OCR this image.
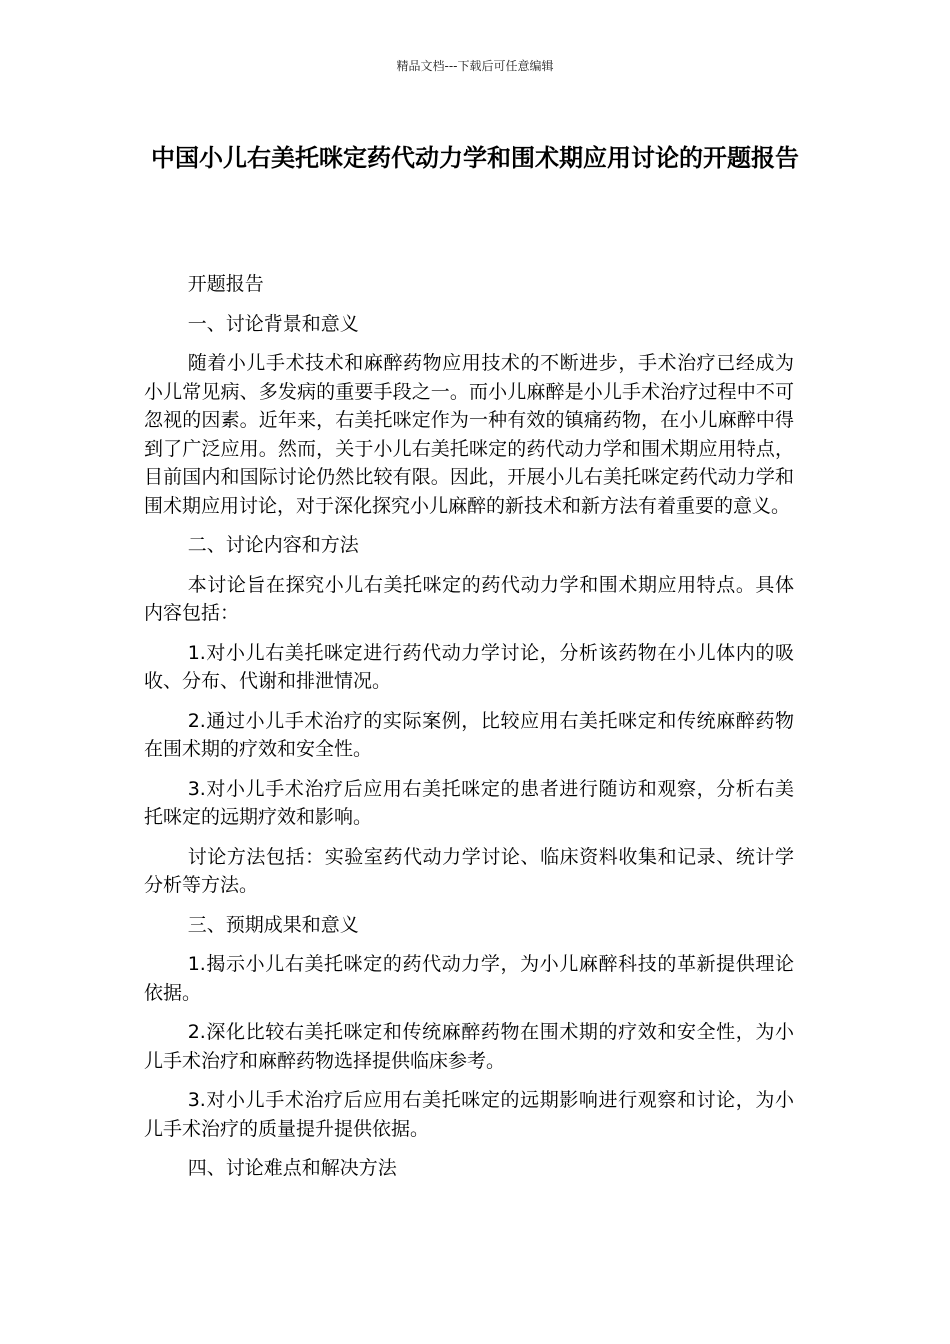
精品文档---下载后可任意编辑
中国小儿右美托咪定药代动力学和围术期应用讨论的开题报告

开题报告

一、讨论背景和意义

随着小儿手术技术和麻醉药物应用技术的不断进步，手术治疗已经成为小儿常见病、多发病的重要手段之一。而小儿麻醉是小儿手术治疗过程中不可忽视的因素。近年来，右美托咪定作为一种有效的镇痛药物，在小儿麻醉中得到了广泛应用。然而，关于小儿右美托咪定的药代动力学和围术期应用特点，目前国内和国际讨论仍然比较有限。因此，开展小儿右美托咪定药代动力学和围术期应用讨论，对于深化探究小儿麻醉的新技术和新方法有着重要的意义。

二、讨论内容和方法

本讨论旨在探究小儿右美托咪定的药代动力学和围术期应用特点。具体内容包括：

1.对小儿右美托咪定进行药代动力学讨论，分析该药物在小儿体内的吸收、分布、代谢和排泄情况。

2.通过小儿手术治疗的实际案例，比较应用右美托咪定和传统麻醉药物在围术期的疗效和安全性。

3.对小儿手术治疗后应用右美托咪定的患者进行随访和观察，分析右美托咪定的远期疗效和影响。

讨论方法包括：实验室药代动力学讨论、临床资料收集和记录、统计学分析等方法。

三、预期成果和意义

1.揭示小儿右美托咪定的药代动力学，为小儿麻醉科技的革新提供理论依据。

2.深化比较右美托咪定和传统麻醉药物在围术期的疗效和安全性，为小儿手术治疗和麻醉药物选择提供临床参考。

3.对小儿手术治疗后应用右美托咪定的远期影响进行观察和讨论，为小儿手术治疗的质量提升提供依据。

四、讨论难点和解决方法
